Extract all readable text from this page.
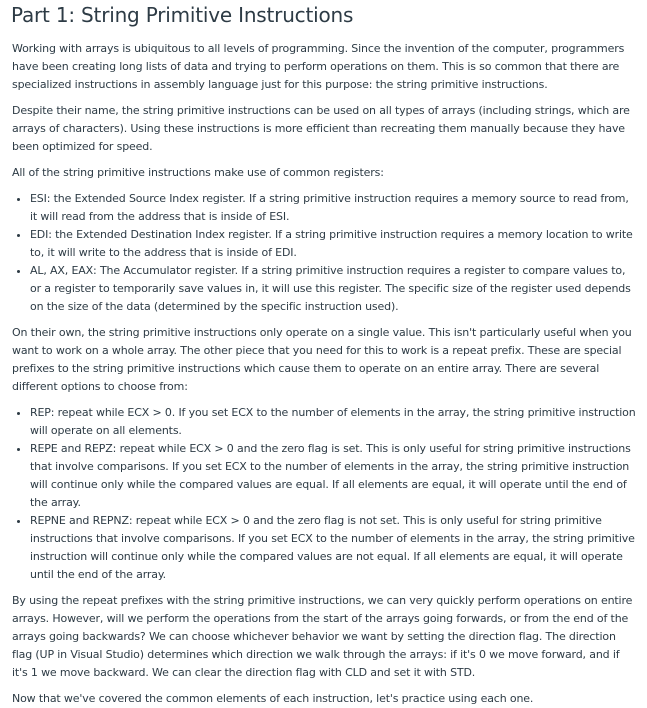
Part 1: String Primitive Instructions

Working with arrays is ubiquitous to all levels of programming. Since the invention of the computer, programmers have been creating long lists of data and trying to perform operations on them. This is so common that there are specialized instructions in assembly language just for this purpose: the string primitive instructions.

Despite their name, the string primitive instructions can be used on all types of arrays (including strings, which are arrays of characters). Using these instructions is more efficient than recreating them manually because they have been optimized for speed.

All of the string primitive instructions make use of common registers:

• ESI: the Extended Source Index register. If a string primitive instruction requires a memory source to read from, it will read from the address that is inside of ESI.
• EDI: the Extended Destination Index register. If a string primitive instruction requires a memory location to write to, it will write to the address that is inside of EDI.
• AL, AX, EAX: The Accumulator register. If a string primitive instruction requires a register to compare values to, or a register to temporarily save values in, it will use this register. The specific size of the register used depends on the size of the data (determined by the specific instruction used).

On their own, the string primitive instructions only operate on a single value. This isn't particularly useful when you want to work on a whole array. The other piece that you need for this to work is a repeat prefix. These are special prefixes to the string primitive instructions which cause them to operate on an entire array. There are several different options to choose from:

• REP: repeat while ECX > 0. If you set ECX to the number of elements in the array, the string primitive instruction will operate on all elements.
• REPE and REPZ: repeat while ECX > 0 and the zero flag is set. This is only useful for string primitive instructions that involve comparisons. If you set ECX to the number of elements in the array, the string primitive instruction will continue only while the compared values are equal. If all elements are equal, it will operate until the end of the array.
• REPNE and REPNZ: repeat while ECX > 0 and the zero flag is not set. This is only useful for string primitive instructions that involve comparisons. If you set ECX to the number of elements in the array, the string primitive instruction will continue only while the compared values are not equal. If all elements are equal, it will operate until the end of the array.

By using the repeat prefixes with the string primitive instructions, we can very quickly perform operations on entire arrays. However, will we perform the operations from the start of the arrays going forwards, or from the end of the arrays going backwards? We can choose whichever behavior we want by setting the direction flag. The direction flag (UP in Visual Studio) determines which direction we walk through the arrays: if it's 0 we move forward, and if it's 1 we move backward. We can clear the direction flag with CLD and set it with STD.

Now that we've covered the common elements of each instruction, let's practice using each one.
